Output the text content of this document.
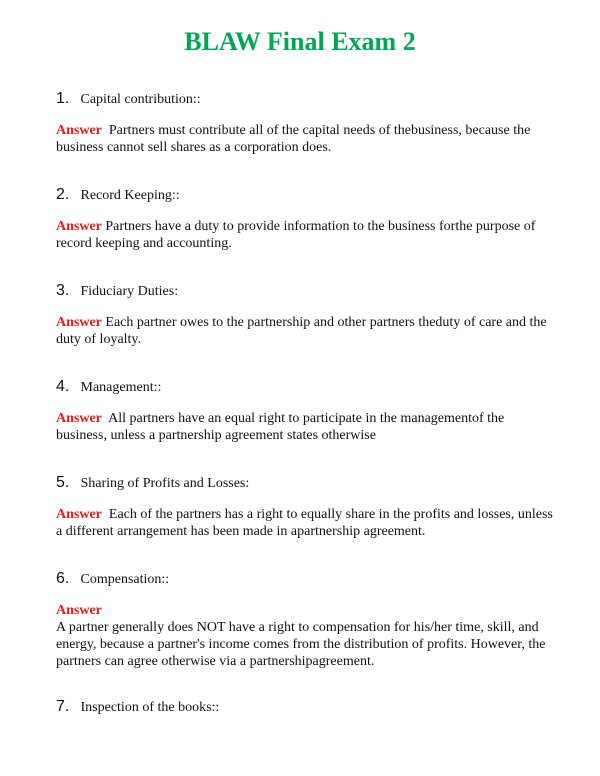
BLAW Final Exam 2

1. Capital contribution::

Answer Partners must contribute all of the capital needs of thebusiness, because the business cannot sell shares as a corporation does.

2. Record Keeping::

Answer Partners have a duty to provide information to the business forthe purpose of record keeping and accounting.

3. Fiduciary Duties:

Answer Each partner owes to the partnership and other partners theduty of care and the duty of loyalty.

4. Management::

Answer All partners have an equal right to participate in the managementof the business, unless a partnership agreement states otherwise

5. Sharing of Profits and Losses:

Answer Each of the partners has a right to equally share in the profits and losses, unless a different arrangement has been made in apartnership agreement.

6. Compensation::

Answer
A partner generally does NOT have a right to compensation for his/her time, skill, and energy, because a partner's income comes from the distribution of profits. However, the partners can agree otherwise via a partnershipagreement.

7. Inspection of the books::
